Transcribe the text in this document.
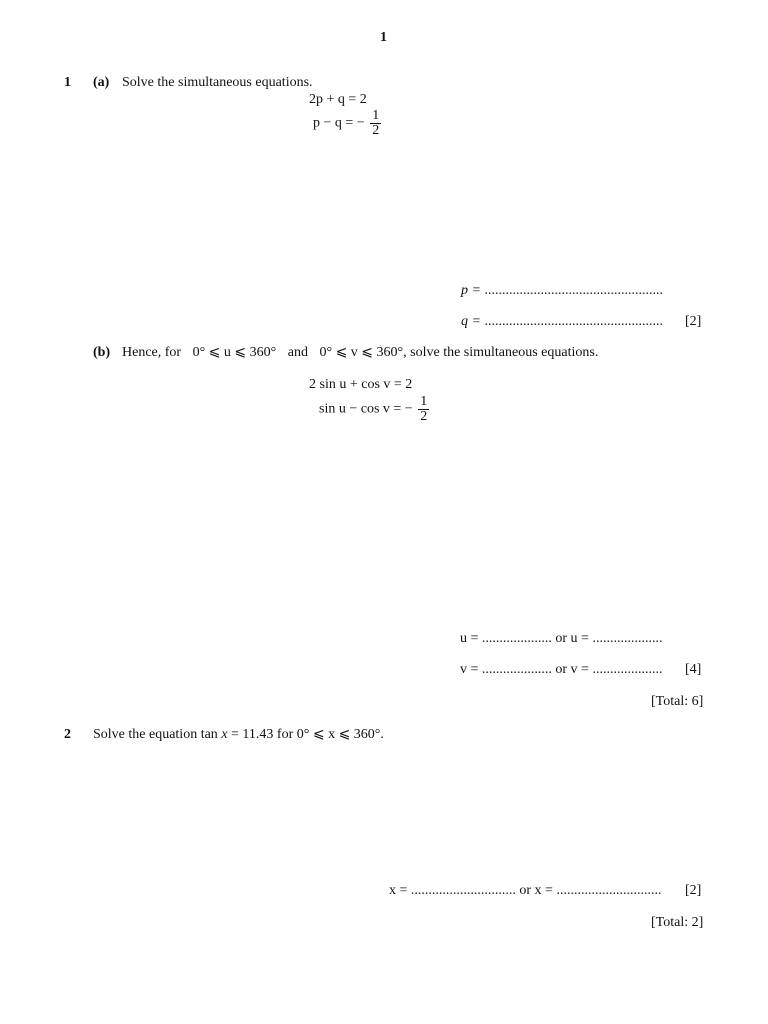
1
1 (a) Solve the simultaneous equations.
2p + q = 2
p − q = − $\frac{1}{2}$
p = ...................................................
q = ................................................... [2]
(b) Hence, for 0° ⩽ u ⩽ 360° and 0° ⩽ v ⩽ 360°, solve the simultaneous equations.
2 sin u + cos v = 2
sin u − cos v = − $\frac{1}{2}$
u = .................... or u = ....................
v = .................... or v = .................... [4]
[Total: 6]
2 Solve the equation tan x = 11.43 for 0° ⩽ x ⩽ 360°.
x = .............................. or x = .............................. [2]
[Total: 2]
